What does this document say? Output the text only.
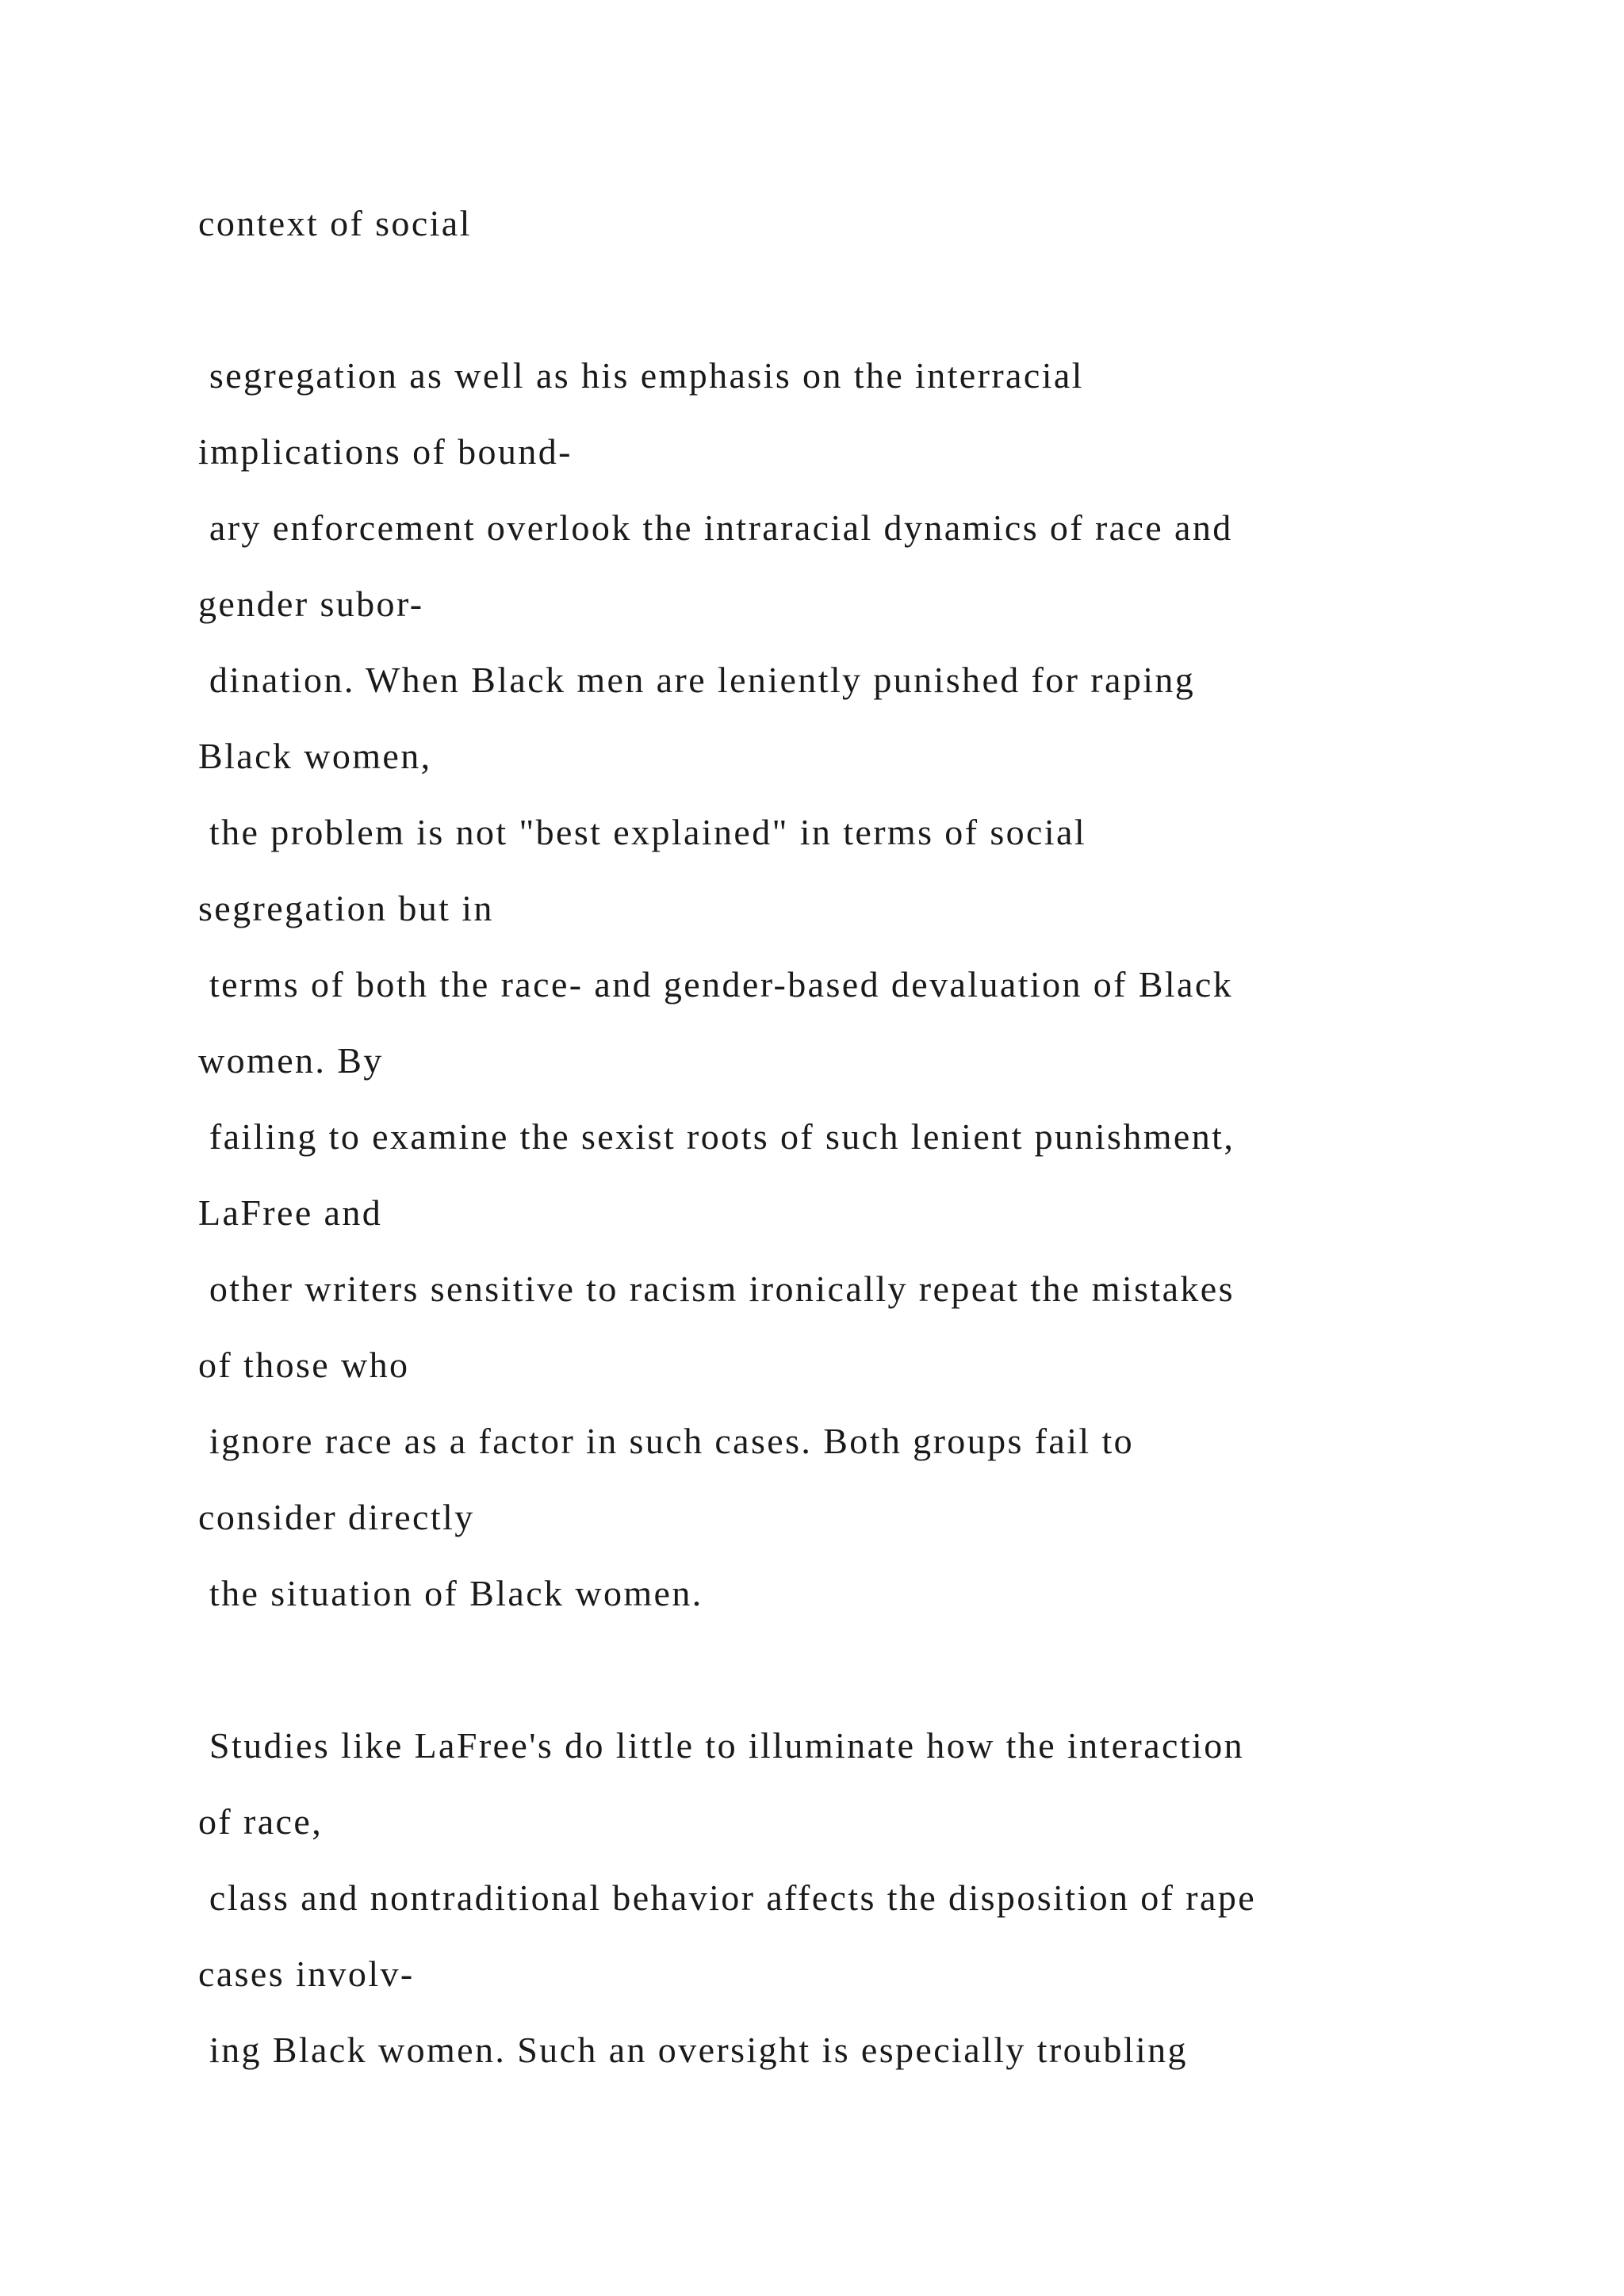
context of social
segregation as well as his emphasis on the interracial
implications of bound-
ary enforcement overlook the intraracial dynamics of race and
gender subor-
dination. When Black men are leniently punished for raping
Black women,
the problem is not "best explained" in terms of social
segregation but in
terms of both the race- and gender-based devaluation of Black
women. By
failing to examine the sexist roots of such lenient punishment,
LaFree and
other writers sensitive to racism ironically repeat the mistakes
of those who
ignore race as a factor in such cases. Both groups fail to
consider directly
the situation of Black women.
Studies like LaFree's do little to illuminate how the interaction
of race,
class and nontraditional behavior affects the disposition of rape
cases involv-
ing Black women. Such an oversight is especially troubling
